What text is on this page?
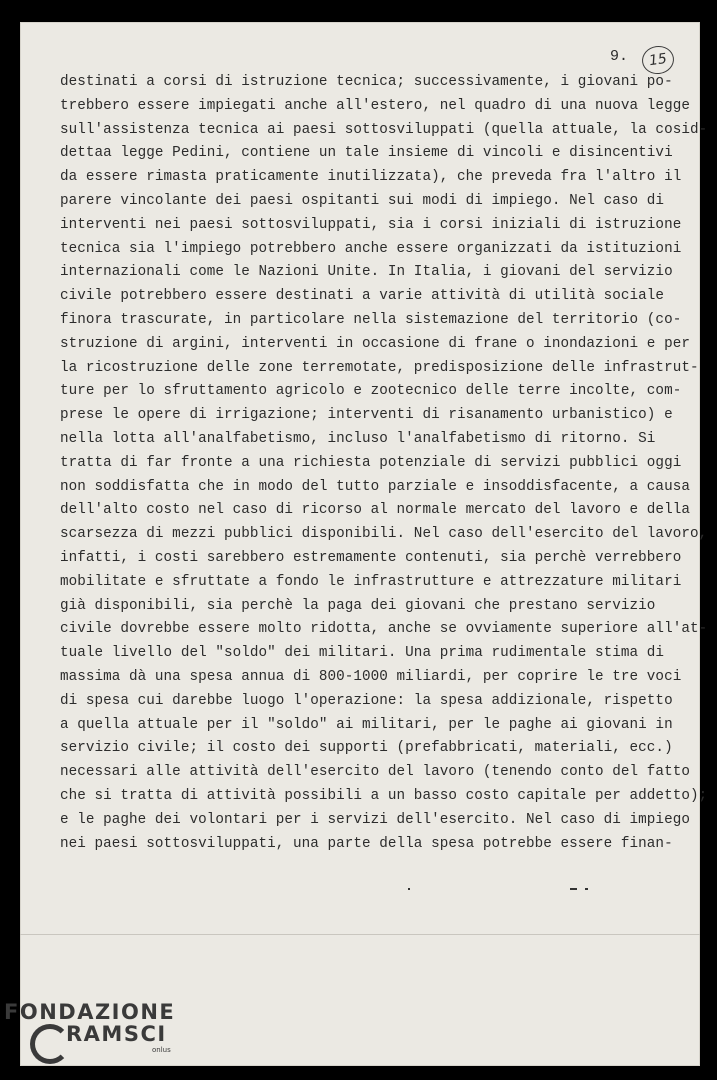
9.	15
destinati a corsi di istruzione tecnica; successivamente, i giovani po-
trebbero essere impiegati anche all'estero, nel quadro di una nuova legge
sull'assistenza tecnica ai paesi sottosviluppati (quella attuale, la cosid-
dettaa legge Pedini, contiene un tale insieme di vincoli e disincentivi
da essere rimasta praticamente inutilizzata), che preveda fra l'altro il
parere vincolante dei paesi ospitanti sui modi di impiego. Nel caso di
interventi nei paesi sottosviluppati, sia i corsi iniziali di istruzione
tecnica sia l'impiego potrebbero anche essere organizzati da istituzioni
internazionali come le Nazioni Unite. In Italia, i giovani del servizio
civile potrebbero essere destinati a varie attività di utilità sociale
finora trascurate, in particolare nella sistemazione del territorio (co-
struzione di argini, interventi in occasione di frane o inondazioni e per
la ricostruzione delle zone terremotate, predisposizione delle infrastrut-
ture per lo sfruttamento agricolo e zootecnico delle terre incolte, com-
prese le opere di irrigazione; interventi di risanamento urbanistico) e
nella lotta all'analfabetismo, incluso l'analfabetismo di ritorno. Si
tratta di far fronte a una richiesta potenziale di servizi pubblici oggi
non soddisfatta che in modo del tutto parziale e insoddisfacente, a causa
dell'alto costo nel caso di ricorso al normale mercato del lavoro e della
scarsezza di mezzi pubblici disponibili. Nel caso dell'esercito del lavoro,
infatti, i costi sarebbero estremamente contenuti, sia perchè verrebbero
mobilitate e sfruttate a fondo le infrastrutture e attrezzature militari
già disponibili, sia perchè la paga dei giovani che prestano servizio
civile dovrebbe essere molto ridotta, anche se ovviamente superiore all'at-
tuale livello del "soldo" dei militari. Una prima rudimentale stima di
massima dà una spesa annua di 800-1000 miliardi, per coprire le tre voci
di spesa cui darebbe luogo l'operazione: la spesa addizionale, rispetto
a quella attuale per il "soldo" ai militari, per le paghe ai giovani in
servizio civile; il costo dei supporti (prefabbricati, materiali, ecc.)
necessari alle attività dell'esercito del lavoro (tenendo conto del fatto
che si tratta di attività possibili a un basso costo capitale per addetto);
e le paghe dei volontari per i servizi dell'esercito. Nel caso di impiego
nei paesi sottosviluppati, una parte della spesa potrebbe essere finan-
FONDAZIONE
RAMSCI
onlus
